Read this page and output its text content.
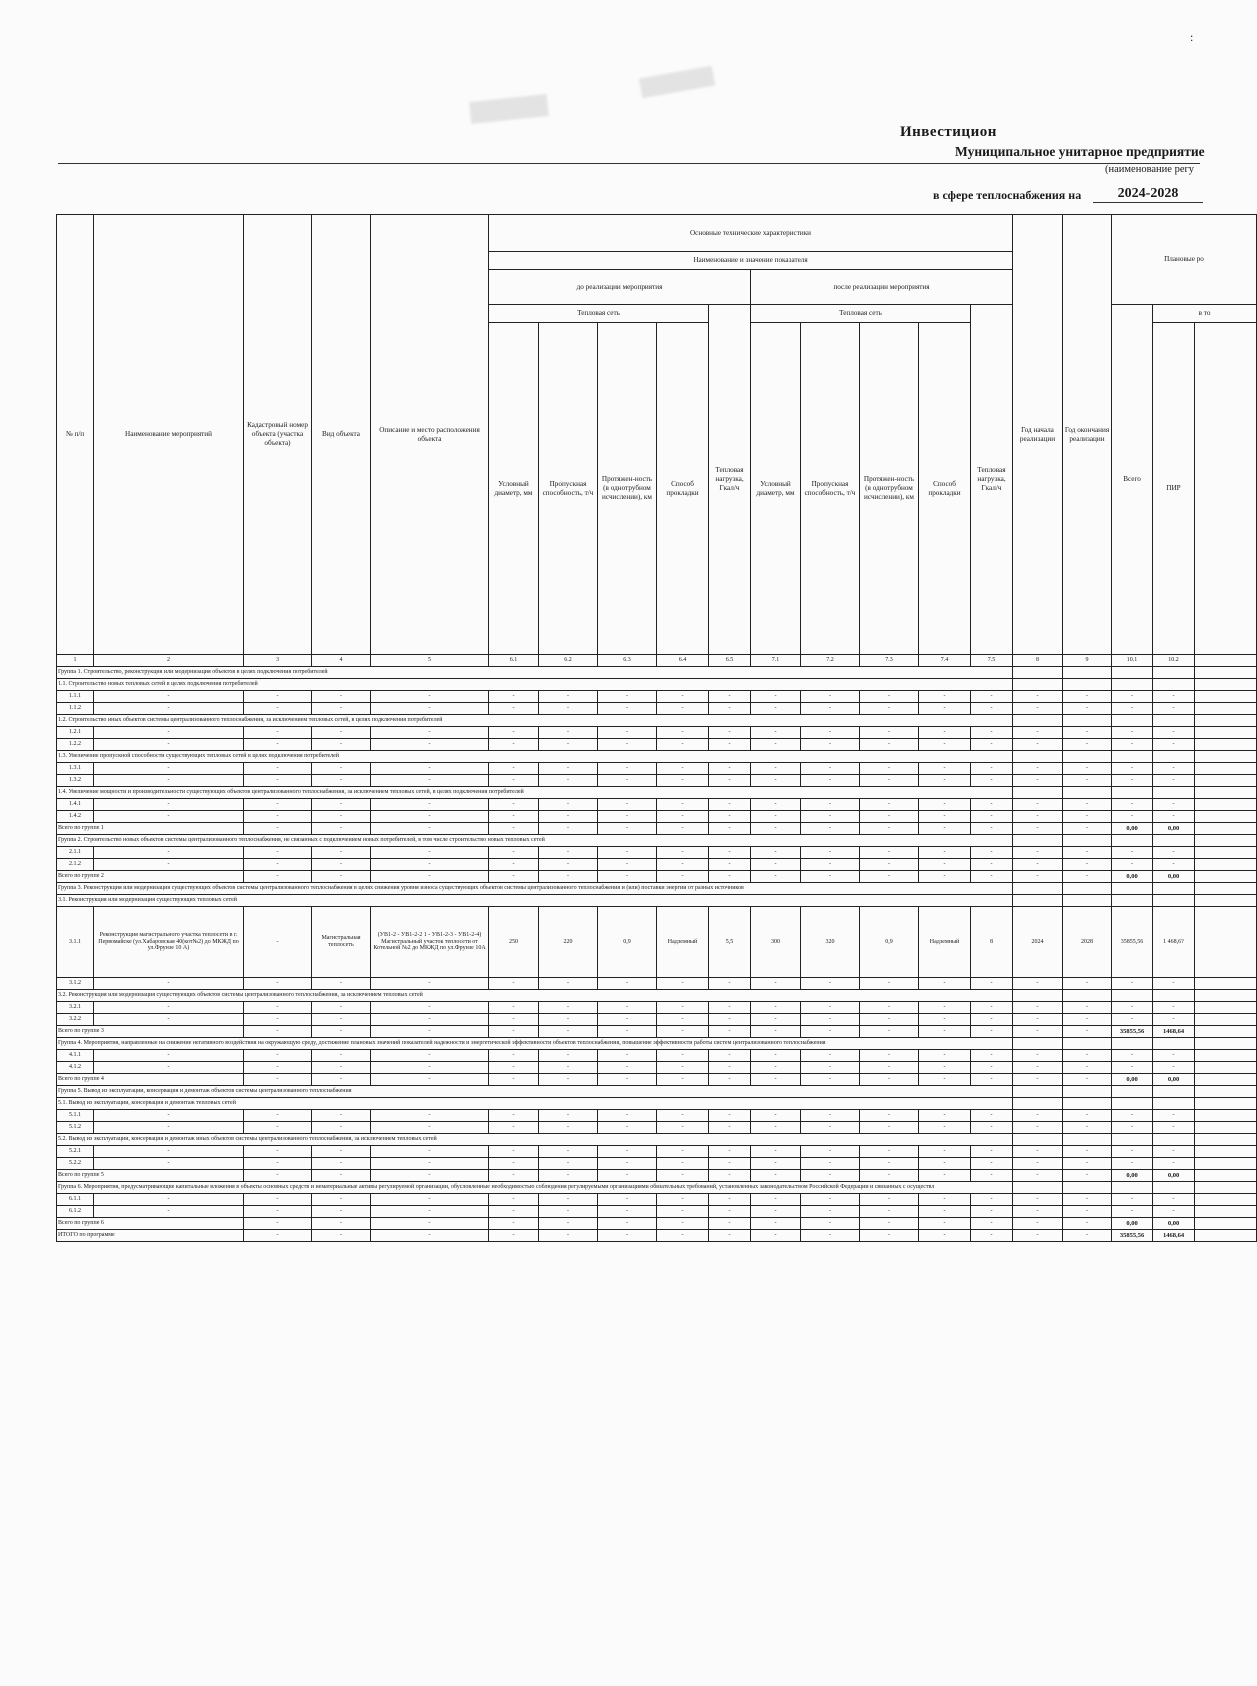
:
Инвестицион
Муниципальное унитарное предприятие
(наименование регу
в сфере теплоснабжения на	2024-2028
№ п/п	Наименование мероприятий	Кадастровый номер объекта (участка объекта)	Вид объекта	Описание и место расположения объекта	Основные технические характеристики										Год начала реализации	Год окончания реализации	Плановые ро		
					Наименование и значение показателя														
					до реализации мероприятия					после реализации мероприятия									
					Тепловая сеть				Тепловая нагрузка, Гкал/ч	Тепловая сеть				Тепловая нагрузка, Гкал/ч			Всего	в то	
					Условный диаметр, мм	Пропускная способность, т/ч	Протяжен-ность (в однотрубном исчислении), км	Способ прокладки		Условный диаметр, мм	Пропускная способность, т/ч	Протяжен-ность (в однотрубном исчислении), км	Способ прокладки					ПИР	
1	2	3	4	5	6.1	6.2	6.3	6.4	6.5	7.1	7.2	7.3	7.4	7.5	8	9	10.1	10.2	
Группа 1. Строительство, реконструкция или модернизация объектов в целях подключения потребителей																			
1.1. Строительство новых тепловых сетей в целях подключения потребителей																			
1.1.1	-	-	-	-	-	-	-	-	-	-	-	-	-	-	-	-	-	-	
1.1.2	-	-	-	-	-	-	-	-	-	-	-	-	-	-	-	-	-	-	
1.2. Строительство иных объектов системы централизованного теплоснабжения, за исключением тепловых сетей, в целях подключения потребителей																			
1.2.1	-	-	-	-	-	-	-	-	-	-	-	-	-	-	-	-	-	-	
1.2.2	-	-	-	-	-	-	-	-	-	-	-	-	-	-	-	-	-	-	
1.3. Увеличение пропускной способности существующих тепловых сетей в целях подключения потребителей																			
1.3.1	-	-	-	-	-	-	-	-	-	-	-	-	-	-	-	-	-	-	
1.3.2	-	-	-	-	-	-	-	-	-	-	-	-	-	-	-	-	-	-	
1.4. Увеличение мощности и производительности существующих объектов централизованного теплоснабжения, за исключением тепловых сетей, в целях подключения потребителей																			
1.4.1	-	-	-	-	-	-	-	-	-	-	-	-	-	-	-	-	-	-	
1.4.2	-	-	-	-	-	-	-	-	-	-	-	-	-	-	-	-	-	-	
Всего по группе 1		-	-	-	-	-	-	-	-	-	-	-	-	-	-	-	0,00	0,00	
Группа 2. Строительство новых объектов системы централизованного теплоснабжения, не связанных с подключением новых потребителей, в том числе строительство новых тепловых сетей																			
2.1.1	-	-	-	-	-	-	-	-	-	-	-	-	-	-	-	-	-	-	
2.1.2	-	-	-	-	-	-	-	-	-	-	-	-	-	-	-	-	-	-	
Всего по группе 2		-	-	-	-	-	-	-	-	-	-	-	-	-	-	-	0,00	0,00	
Группа 3. Реконструкция или модернизация существующих объектов системы централизованного теплоснабжения в целях снижения уровня износа существующих объектов системы централизованного теплоснабжения и (или) поставки энергии от разных источников																			
3.1. Реконструкция или модернизация существующих тепловых сетей																			
3.1.1	Реконструкция магистрального участка теплосети в г. Первомайске (ул.Хабаровская 40(кот№2) до МКЖД по ул.Фрунзе 10 А)	-	Магистральная теплосеть	(УВ1-2 - УВ1-2-2 1 - УВ1-2-3 - УВ1-2-4) Магистральный участок теплосети от Котельной №2 до МКЖД по ул.Фрунзе 10А	250	220	0,9	Надземный	5,5	300	320	0,9	Надземный	8	2024	2028	35855,56	1 468,6?	
3.1.2	-	-	-	-	-	-	-	-	-	-	-	-	-	-	-	-	-	-	
3.2. Реконструкция или модернизация существующих объектов системы централизованного теплоснабжения, за исключением тепловых сетей																			
3.2.1	-	-	-	-	-	-	-	-	-	-	-	-	-	-	-	-	-	-	
3.2.2	-	-	-	-	-	-	-	-	-	-	-	-	-	-	-	-	-	-	
Всего по группе 3		-	-	-	-	-	-	-	-	-	-	-	-	-	-	-	35855,56	1468,64	
Группа 4. Мероприятия, направленные на снижение негативного воздействия на окружающую среду, достижение плановых значений показателей надежности и энергетической эффективности объектов теплоснабжения, повышение эффективности работы систем централизованного теплоснабжения																			
4.1.1	-	-	-	-	-	-	-	-	-	-	-	-	-	-	-	-	-	-	
4.1.2	-	-	-	-	-	-	-	-	-	-	-	-	-	-	-	-	-	-	
Всего по группе 4		-	-	-	-	-	-	-	-	-	-	-	-	-	-	-	0,00	0,00	
Группа 5. Вывод из эксплуатации, консервация и демонтаж объектов системы централизованного теплоснабжения																			
5.1. Вывод из эксплуатации, консервация и демонтаж тепловых сетей																			
5.1.1	-	-	-	-	-	-	-	-	-	-	-	-	-	-	-	-	-	-	
5.1.2	-	-	-	-	-	-	-	-	-	-	-	-	-	-	-	-	-	-	
5.2. Вывод из эксплуатации, консервация и демонтаж иных объектов системы централизованного теплоснабжения, за исключением тепловых сетей																			
5.2.1	-	-	-	-	-	-	-	-	-	-	-	-	-	-	-	-	-	-	
5.2.2	-	-	-	-	-	-	-	-	-	-	-	-	-	-	-	-	-	-	
Всего по группе 5		-	-	-	-	-	-	-	-	-	-	-	-	-	-	-	0,00	0,00	
Группа 6. Мероприятия, предусматривающие капитальные вложения в объекты основных средств и нематериальные активы регулируемой организации, обусловленные необходимостью соблюдения регулируемыми организациями обязательных требований, установленных законодательством Российской Федерации и связанных с осуществл																			
6.1.1	-	-	-	-	-	-	-	-	-	-	-	-	-	-	-	-	-	-	
6.1.2	-	-	-	-	-	-	-	-	-	-	-	-	-	-	-	-	-	-	
Всего по группе 6		-	-	-	-	-	-	-	-	-	-	-	-	-	-	-	0,00	0,00	
ИТОГО по программе		-	-	-	-	-	-	-	-	-	-	-	-	-	-	-	35855,56	1468,64	
